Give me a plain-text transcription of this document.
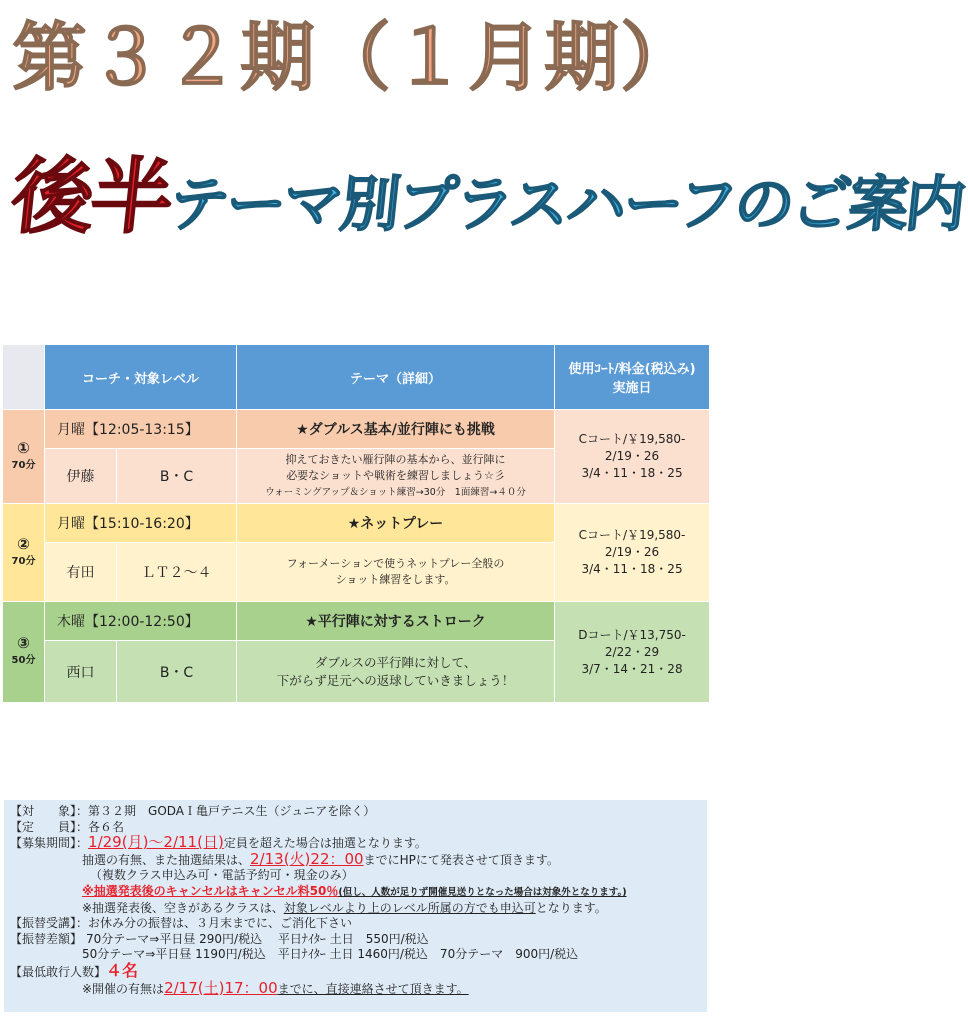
第３２期（１月期）
後半テーマ別プラスハーフのご案内
	コーチ・対象レベル		テーマ（詳細）	使用ｺｰﾄ/料金(税込み)
実施日
①
70分	月曜【12:05-13:15】		★ダブルス基本/並行陣にも挑戦	Cコート/￥19,580-
2/19・26
3/4・11・18・25
	伊藤	B・C	抑えておきたい雁行陣の基本から、並行陣に
必要なショットや戦術を練習しましょう☆彡
ウォーミングアップ＆ショット練習→30分　1面練習→４０分	
②
70分	月曜【15:10-16:20】		★ネットプレー	Cコート/￥19,580-
2/19・26
3/4・11・18・25
	有田	ＬＴ２～４	フォーメーションで使うネットプレー全般の
ショット練習をします。	
③
50分	木曜【12:00-12:50】		★平行陣に対するストローク	Dコート/￥13,750-
2/22・29
3/7・14・21・28
	西口	B・C	ダブルスの平行陣に対して、
下がらず足元への返球していきましょう！	
【対　　象】：第３２期　GODAＩ亀戸テニス生（ジュニアを除く）
【定　　員】：各６名
【募集期間】：1/29(月)～2/11(日)定員を超えた場合は抽選となります。
抽選の有無、また抽選結果は、2/13(火)22：00までにHPにて発表させて頂きます。
（複数クラス申込み可・電話予約可・現金のみ）
※抽選発表後のキャンセルはキャンセル料50％(但し、人数が足りず開催見送りとなった場合は対象外となります。)
※抽選発表後、空きがあるクラスは、対象レベルより上のレベル所属の方でも申込可となります。
【振替受講】：お休み分の振替は、３月末までに、ご消化下さい
【振替差額】 70分テーマ⇒平日昼 290円/税込　 平日ﾅｲﾀｰ 土日　550円/税込
50分テーマ⇒平日昼 1190円/税込　平日ﾅｲﾀｰ 土日 1460円/税込　70分テーマ　900円/税込
【最低敢行人数】４名
※開催の有無は2/17(土)17：00までに、直接連絡させて頂きます。
